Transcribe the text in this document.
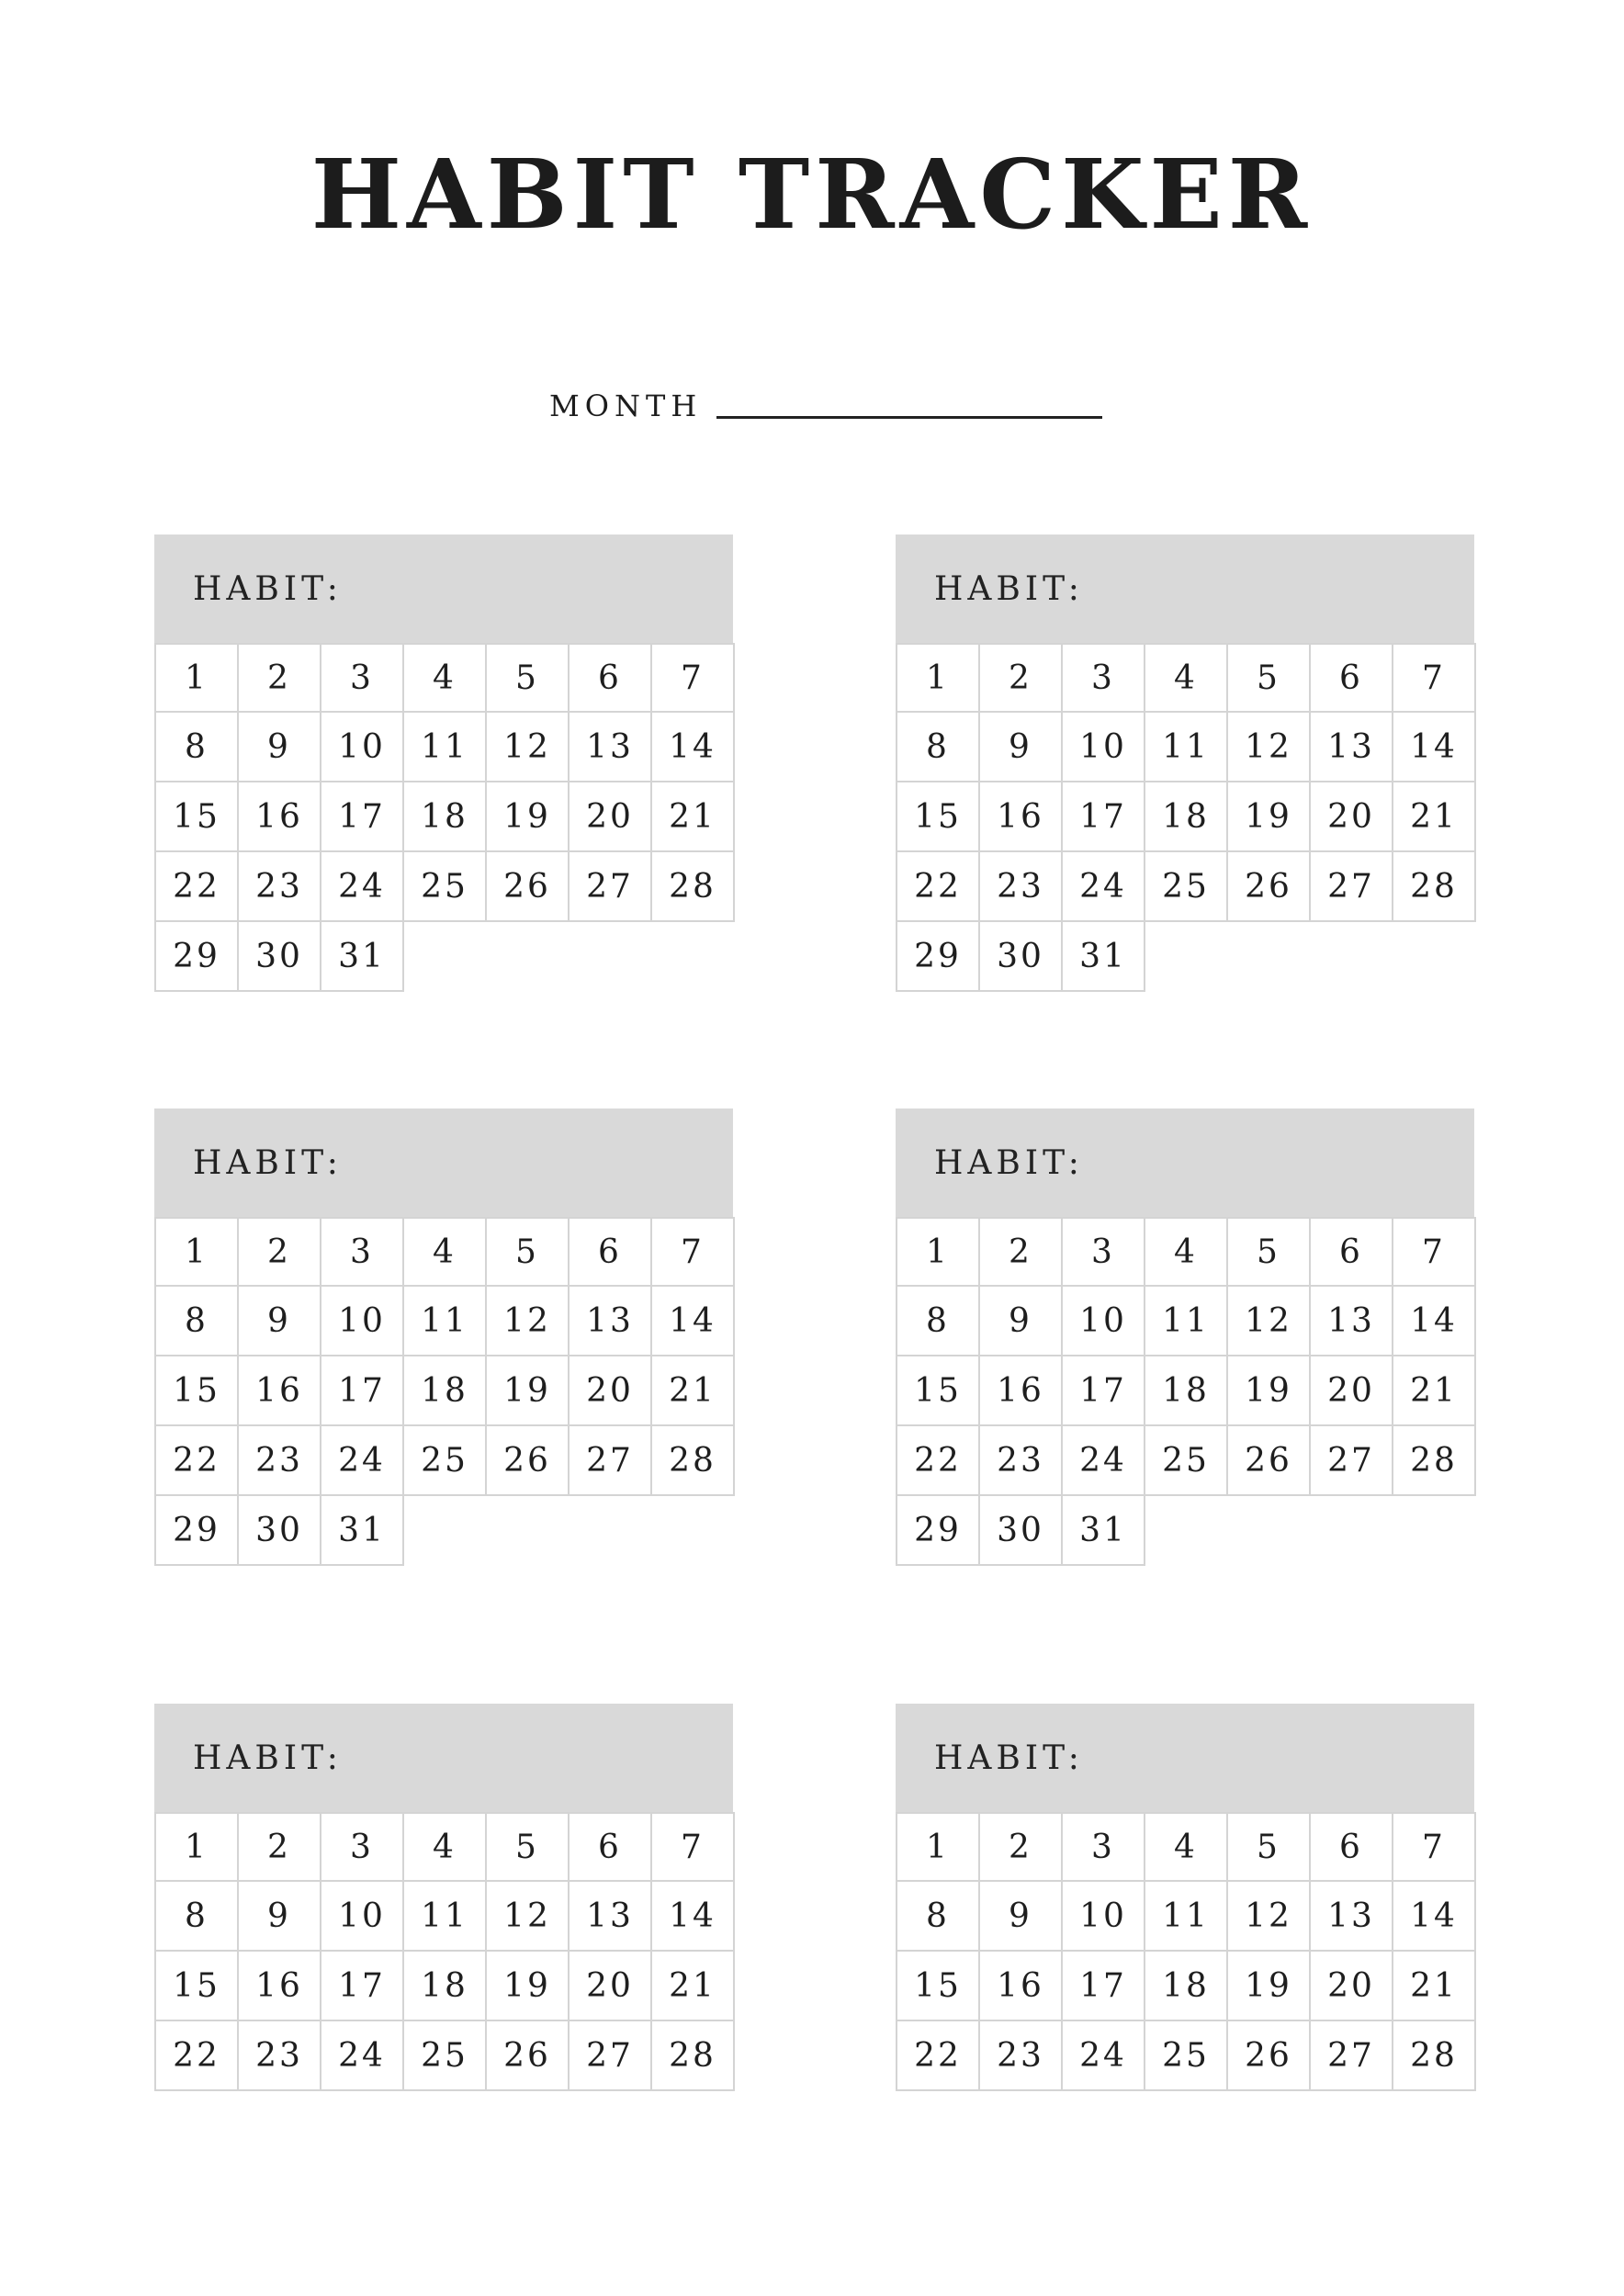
HABIT TRACKER
MONTH
HABIT:
1	2	3	4	5	6	7
8	9	10	11	12	13	14
15	16	17	18	19	20	21
22	23	24	25	26	27	28
29	30	31
HABIT:
1	2	3	4	5	6	7
8	9	10	11	12	13	14
15	16	17	18	19	20	21
22	23	24	25	26	27	28
29	30	31
HABIT:
1	2	3	4	5	6	7
8	9	10	11	12	13	14
15	16	17	18	19	20	21
22	23	24	25	26	27	28
29	30	31
HABIT:
1	2	3	4	5	6	7
8	9	10	11	12	13	14
15	16	17	18	19	20	21
22	23	24	25	26	27	28
29	30	31
HABIT:
1	2	3	4	5	6	7
8	9	10	11	12	13	14
15	16	17	18	19	20	21
22	23	24	25	26	27	28
HABIT:
1	2	3	4	5	6	7
8	9	10	11	12	13	14
15	16	17	18	19	20	21
22	23	24	25	26	27	28
